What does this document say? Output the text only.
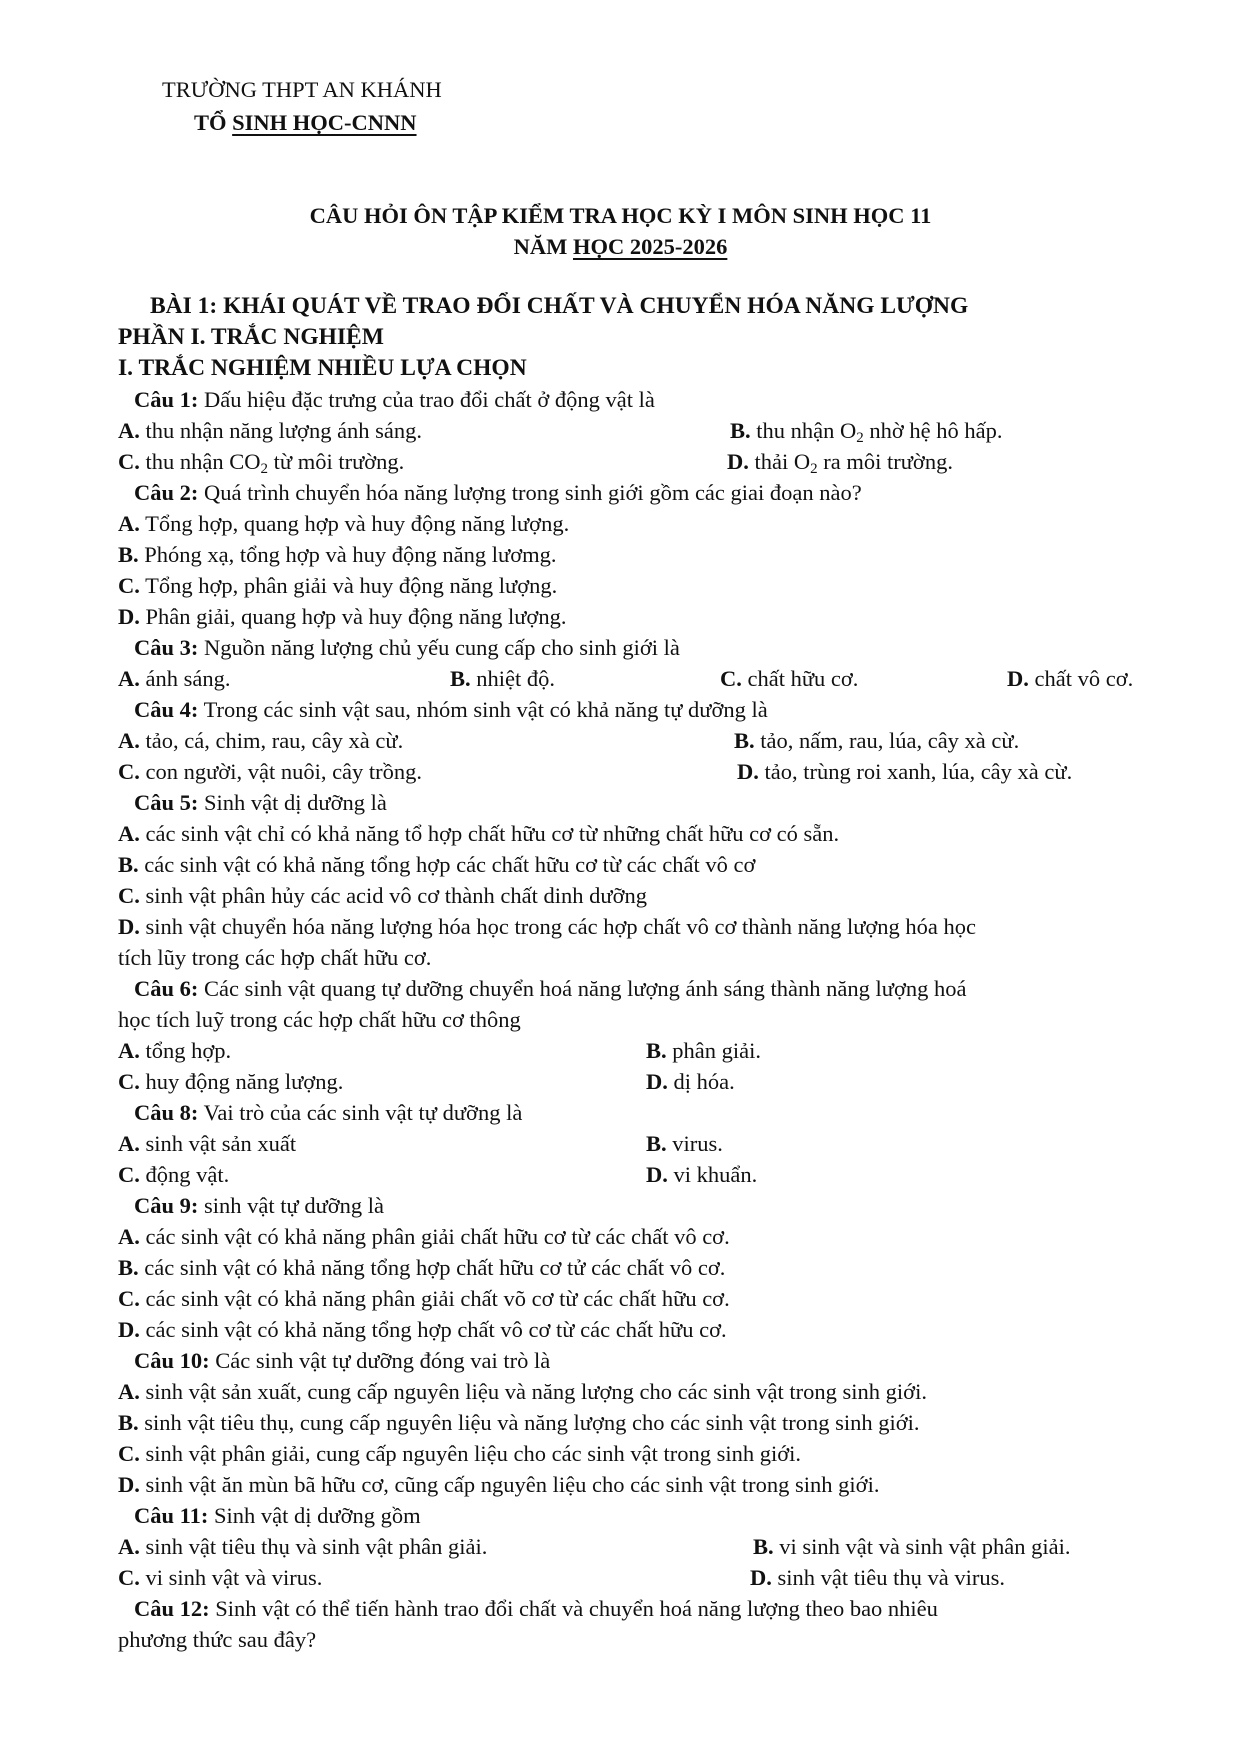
TRƯỜNG THPT AN KHÁNH
TỔ SINH HỌC-CNNN
CÂU HỎI ÔN TẬP KIỂM TRA HỌC KỲ I MÔN SINH HỌC 11
NĂM HỌC 2025-2026
BÀI 1: KHÁI QUÁT VỀ TRAO ĐỔI CHẤT VÀ CHUYỂN HÓA NĂNG LƯỢNG
PHẦN I. TRẮC NGHIỆM
I. TRẮC NGHIỆM NHIỀU LỰA CHỌN
Câu 1: Dấu hiệu đặc trưng của trao đổi chất ở động vật là
A. thu nhận năng lượng ánh sáng.	B. thu nhận $O_2$ nhờ hệ hô hấp.
C. thu nhận $CO_2$ từ môi trường.	D. thải $O_2$ ra môi trường.
Câu 2: Quá trình chuyển hóa năng lượng trong sinh giới gồm các giai đoạn nào?
A. Tổng hợp, quang hợp và huy động năng lượng.
B. Phóng xạ, tổng hợp và huy động năng lươmg.
C. Tổng hợp, phân giải và huy động năng lượng.
D. Phân giải, quang hợp và huy động năng lượng.
Câu 3: Nguồn năng lượng chủ yếu cung cấp cho sinh giới là
A. ánh sáng.	B. nhiệt độ.	C. chất hữu cơ.	D. chất vô cơ.
Câu 4: Trong các sinh vật sau, nhóm sinh vật có khả năng tự dưỡng là
A. tảo, cá, chim, rau, cây xà cừ.	B. tảo, nấm, rau, lúa, cây xà cừ.
C. con người, vật nuôi, cây trồng.	D. tảo, trùng roi xanh, lúa, cây xà cừ.
Câu 5: Sinh vật dị dưỡng là
A. các sinh vật chỉ có khả năng tổ hợp chất hữu cơ từ những chất hữu cơ có sẵn.
B. các sinh vật có khả năng tổng hợp các chất hữu cơ từ các chất vô cơ
C. sinh vật phân hủy các acid vô cơ thành chất dinh dưỡng
D. sinh vật chuyển hóa năng lượng hóa học trong các hợp chất vô cơ thành năng lượng hóa học
tích lũy trong các hợp chất hữu cơ.
Câu 6: Các sinh vật quang tự dưỡng chuyển hoá năng lượng ánh sáng thành năng lượng hoá
học tích luỹ trong các hợp chất hữu cơ thông
A. tổng hợp.	B. phân giải.
C. huy động năng lượng.	D. dị hóa.
Câu 8: Vai trò của các sinh vật tự dưỡng là
A. sinh vật sản xuất	B. virus.
C. động vật.	D. vi khuẩn.
Câu 9: sinh vật tự dưỡng là
A. các sinh vật có khả năng phân giải chất hữu cơ từ các chất vô cơ.
B. các sinh vật có khả năng tổng hợp chất hữu cơ tử các chất vô cơ.
C. các sinh vật có khả năng phân giải chất võ cơ từ các chất hữu cơ.
D. các sinh vật có khả năng tổng hợp chất vô cơ từ các chất hữu cơ.
Câu 10: Các sinh vật tự dưỡng đóng vai trò là
A. sinh vật sản xuất, cung cấp nguyên liệu và năng lượng cho các sinh vật trong sinh giới.
B. sinh vật tiêu thụ, cung cấp nguyên liệu và năng lượng cho các sinh vật trong sinh giới.
C. sinh vật phân giải, cung cấp nguyên liệu cho các sinh vật trong sinh giới.
D. sinh vật ăn mùn bã hữu cơ, cũng cấp nguyên liệu cho các sinh vật trong sinh giới.
Câu 11: Sinh vật dị dưỡng gồm
A. sinh vật tiêu thụ và sinh vật phân giải.	B. vi sinh vật và sinh vật phân giải.
C. vi sinh vật và virus.	D. sinh vật tiêu thụ và virus.
Câu 12: Sinh vật có thể tiến hành trao đổi chất và chuyển hoá năng lượng theo bao nhiêu
phương thức sau đây?
